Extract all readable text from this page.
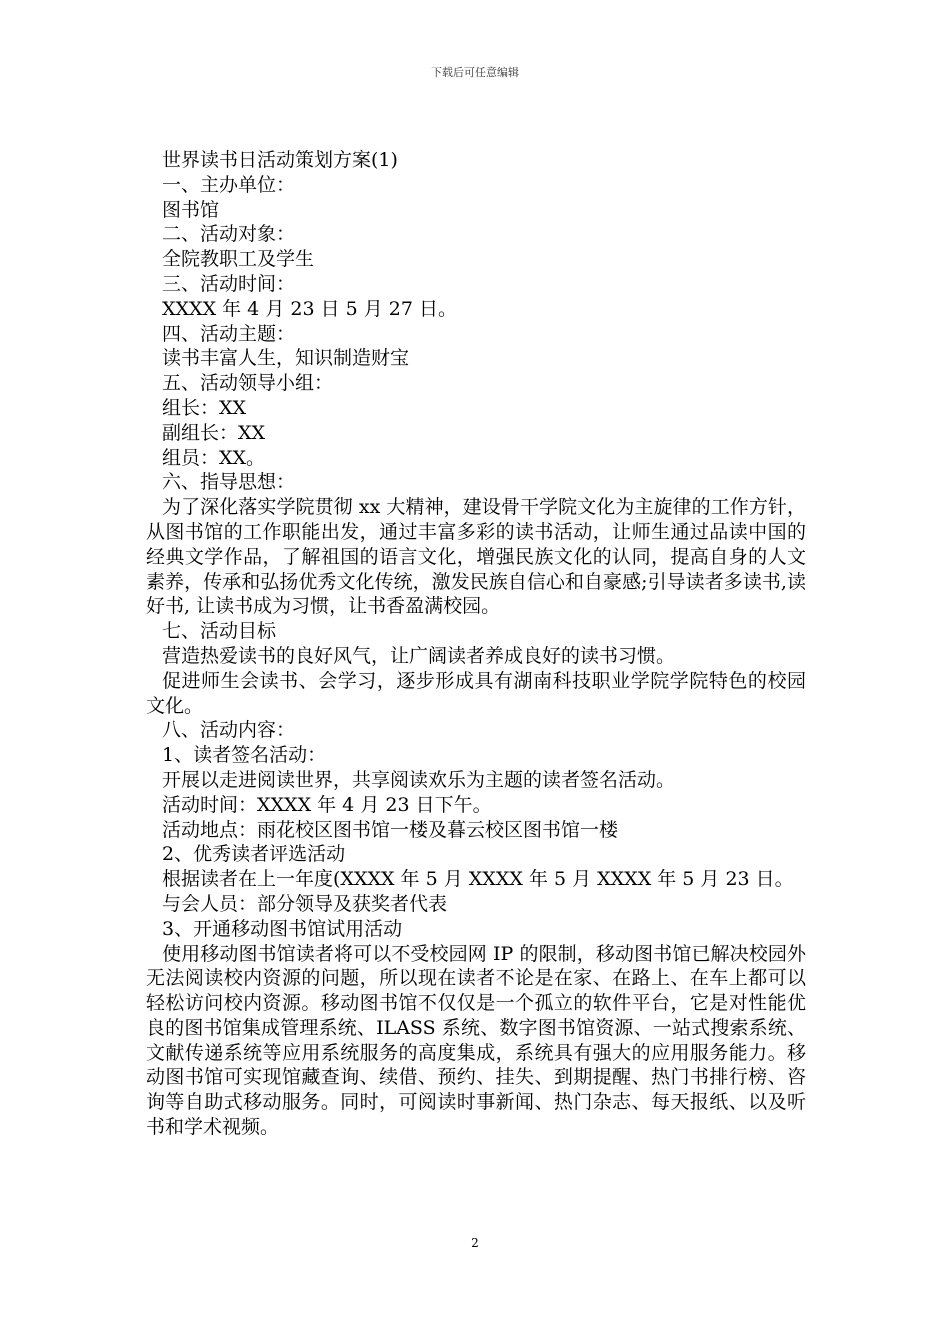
下载后可任意编辑
世界读书日活动策划方案(1)
一、主办单位：
图书馆
二、活动对象：
全院教职工及学生
三、活动时间：
XXXX 年 4 月 23 日 5 月 27 日。
四、活动主题：
读书丰富人生，知识制造财宝
五、活动领导小组：
组长：XX
副组长：XX
组员：XX。
六、指导思想：
为了深化落实学院贯彻 xx 大精神，建设骨干学院文化为主旋律的工作方针，从图书馆的工作职能出发，通过丰富多彩的读书活动，让师生通过品读中国的经典文学作品，了解祖国的语言文化，增强民族文化的认同，提高自身的人文素养，传承和弘扬优秀文化传统，激发民族自信心和自豪感;引导读者多读书,读好书, 让读书成为习惯，让书香盈满校园。
七、活动目标
营造热爱读书的良好风气，让广阔读者养成良好的读书习惯。
促进师生会读书、会学习，逐步形成具有湖南科技职业学院学院特色的校园文化。
八、活动内容：
1、读者签名活动：
开展以走进阅读世界，共享阅读欢乐为主题的读者签名活动。
活动时间：XXXX 年 4 月 23 日下午。
活动地点：雨花校区图书馆一楼及暮云校区图书馆一楼
2、优秀读者评选活动
根据读者在上一年度(XXXX 年 5 月 XXXX 年 5 月 XXXX 年 5 月 23 日。
与会人员：部分领导及获奖者代表
3、开通移动图书馆试用活动
使用移动图书馆读者将可以不受校园网 IP 的限制，移动图书馆已解决校园外无法阅读校内资源的问题，所以现在读者不论是在家、在路上、在车上都可以轻松访问校内资源。移动图书馆不仅仅是一个孤立的软件平台，它是对性能优良的图书馆集成管理系统、ILASS 系统、数字图书馆资源、一站式搜索系统、文献传递系统等应用系统服务的高度集成，系统具有强大的应用服务能力。移动图书馆可实现馆藏查询、续借、预约、挂失、到期提醒、热门书排行榜、咨询等自助式移动服务。同时，可阅读时事新闻、热门杂志、每天报纸、以及听书和学术视频。
2
